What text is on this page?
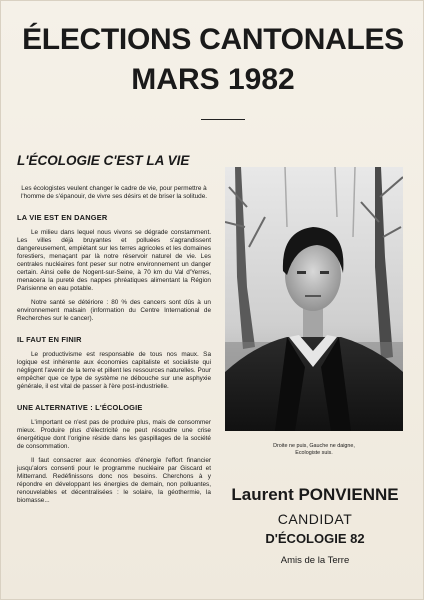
ÉLECTIONS CANTONALES
MARS 1982
L'ÉCOLOGIE C'EST LA VIE

Les écologistes veulent changer le cadre de vie, pour permettre à l'homme de s'épanouir, de vivre ses désirs et de briser la solitude.

LA VIE EST EN DANGER

Le milieu dans lequel nous vivons se dégrade constamment. Les villes déjà bruyantes et polluées s'agrandissent dangereusement, empiétant sur les terres agricoles et les domaines forestiers, menaçant par là notre réservoir naturel de vie. Les centrales nucléaires font peser sur notre environnement un danger certain. Ainsi celle de Nogent-sur-Seine, à 70 km du Val d'Yerres, menacera la pureté des nappes phréatiques alimentant la Région Parisienne en eau potable.

Notre santé se détériore : 80 % des cancers sont dûs à un environnement malsain (information du Centre International de Recherches sur le cancer).

IL FAUT EN FINIR

Le productivisme est responsable de tous nos maux. Sa logique est inhérente aux économies capitaliste et socialiste qui négligent l'avenir de la terre et pillent les ressources naturelles. Pour empêcher que ce type de système ne débouche sur une asphyxie générale, il est vital de passer à l'ère post-industrielle.

UNE ALTERNATIVE : L'ÉCOLOGIE

L'important ce n'est pas de produire plus, mais de consommer mieux. Produire plus d'électricité ne peut résoudre une crise énergétique dont l'origine réside dans les gaspillages de la société de consommation.

Il faut consacrer aux économies d'énergie l'effort financier jusqu'alors consenti pour le programme nucléaire par Giscard et Mitterrand. Redéfinissons donc nos besoins. Cherchons à y répondre en développant les énergies de demain, non polluantes, renouvelables et décentralisées : le solaire, la géothermie, la biomasse...

Droite ne puis, Gauche ne daigne,
Ecologiste suis.
Laurent PONVIENNE
CANDIDAT
D'ÉCOLOGIE 82
Amis de la Terre
